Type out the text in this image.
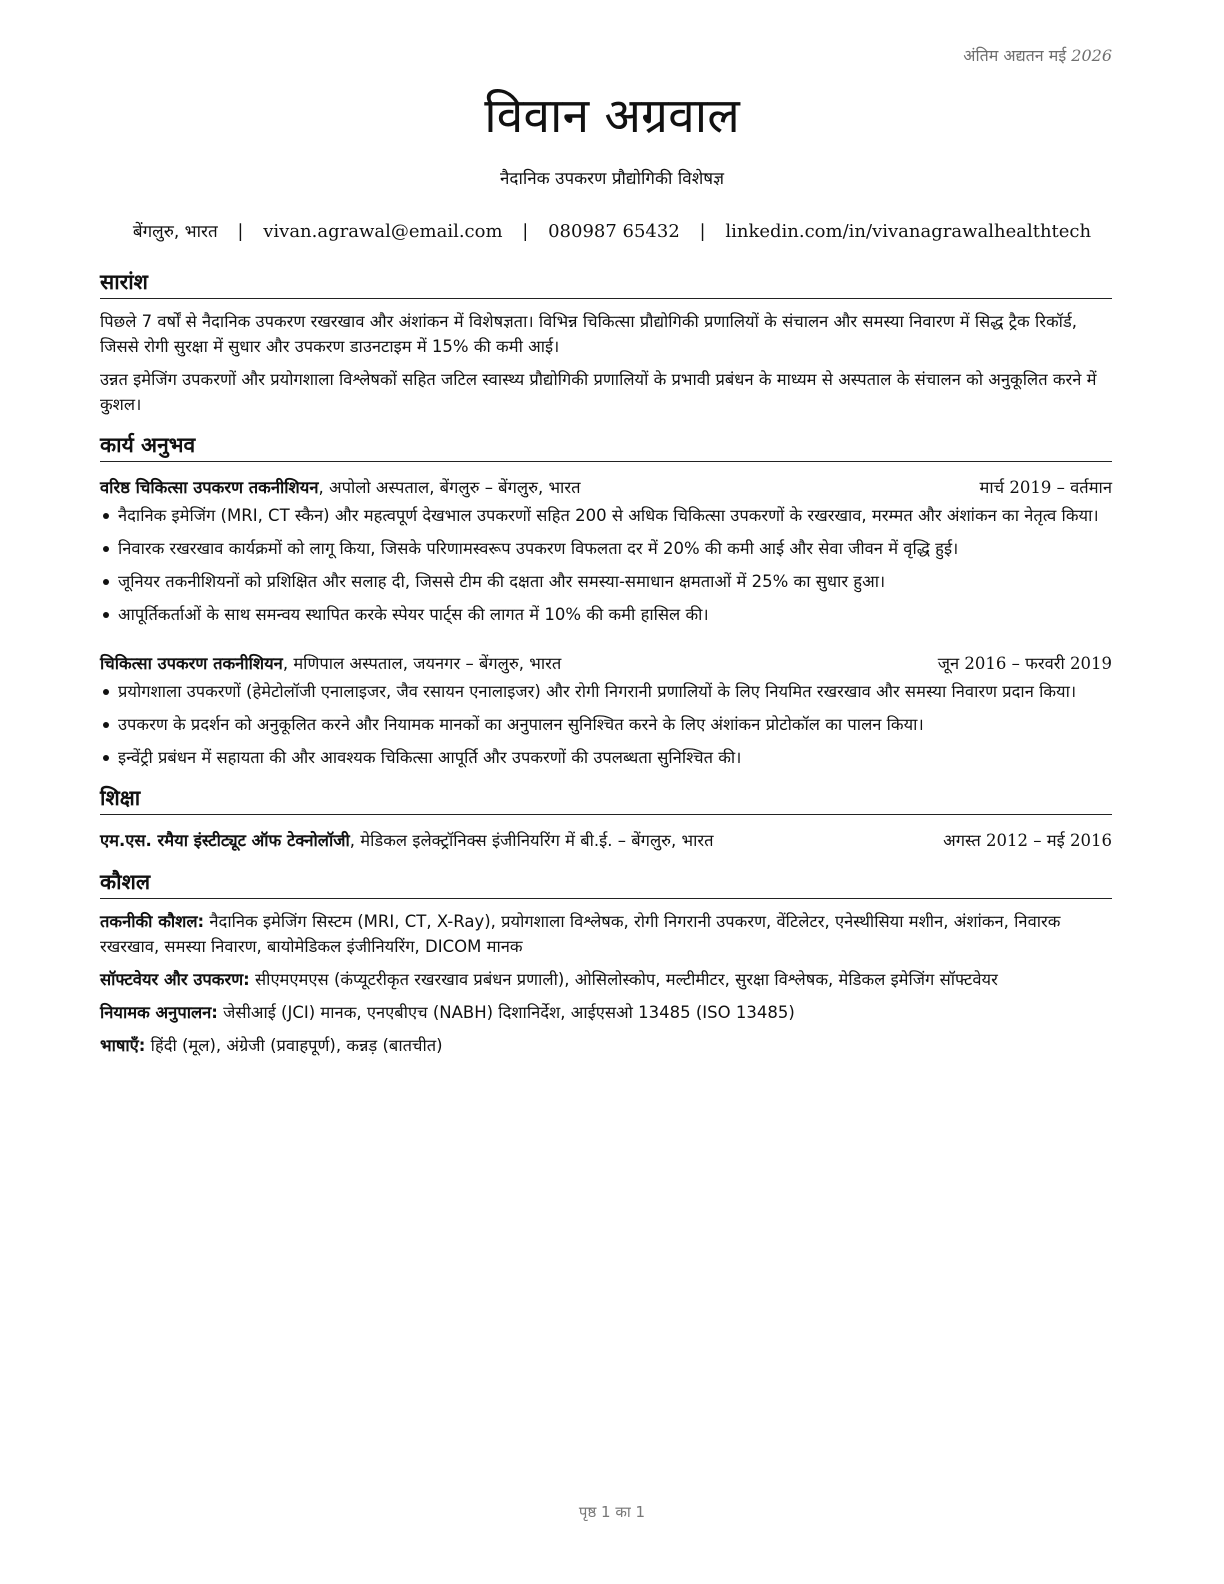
अंतिम अद्यतन मई 2026
विवान अग्रवाल
नैदानिक उपकरण प्रौद्योगिकी विशेषज्ञ
बेंगलुरु, भारत | vivan.agrawal@email.com | 080987 65432 | linkedin.com/in/vivanagrawalhealthtech
सारांश

पिछले 7 वर्षों से नैदानिक उपकरण रखरखाव और अंशांकन में विशेषज्ञता। विभिन्न चिकित्सा प्रौद्योगिकी प्रणालियों के संचालन और समस्या निवारण में सिद्ध ट्रैक रिकॉर्ड, जिससे रोगी सुरक्षा में सुधार और उपकरण डाउनटाइम में 15% की कमी आई।

उन्नत इमेजिंग उपकरणों और प्रयोगशाला विश्लेषकों सहित जटिल स्वास्थ्य प्रौद्योगिकी प्रणालियों के प्रभावी प्रबंधन के माध्यम से अस्पताल के संचालन को अनुकूलित करने में कुशल।

कार्य अनुभव
वरिष्ठ चिकित्सा उपकरण तकनीशियन, अपोलो अस्पताल, बेंगलुरु – बेंगलुरु, भारत	मार्च 2019 – वर्तमान
नैदानिक इमेजिंग (MRI, CT स्कैन) और महत्वपूर्ण देखभाल उपकरणों सहित 200 से अधिक चिकित्सा उपकरणों के रखरखाव, मरम्मत और अंशांकन का नेतृत्व किया।
निवारक रखरखाव कार्यक्रमों को लागू किया, जिसके परिणामस्वरूप उपकरण विफलता दर में 20% की कमी आई और सेवा जीवन में वृद्धि हुई।
जूनियर तकनीशियनों को प्रशिक्षित और सलाह दी, जिससे टीम की दक्षता और समस्या-समाधान क्षमताओं में 25% का सुधार हुआ।
आपूर्तिकर्ताओं के साथ समन्वय स्थापित करके स्पेयर पार्ट्स की लागत में 10% की कमी हासिल की।
चिकित्सा उपकरण तकनीशियन, मणिपाल अस्पताल, जयनगर – बेंगलुरु, भारत	जून 2016 – फरवरी 2019
प्रयोगशाला उपकरणों (हेमेटोलॉजी एनालाइजर, जैव रसायन एनालाइजर) और रोगी निगरानी प्रणालियों के लिए नियमित रखरखाव और समस्या निवारण प्रदान किया।
उपकरण के प्रदर्शन को अनुकूलित करने और नियामक मानकों का अनुपालन सुनिश्चित करने के लिए अंशांकन प्रोटोकॉल का पालन किया।
इन्वेंट्री प्रबंधन में सहायता की और आवश्यक चिकित्सा आपूर्ति और उपकरणों की उपलब्धता सुनिश्चित की।
शिक्षा
एम.एस. रमैया इंस्टीट्यूट ऑफ टेक्नोलॉजी, मेडिकल इलेक्ट्रॉनिक्स इंजीनियरिंग में बी.ई. – बेंगलुरु, भारत	अगस्त 2012 – मई 2016
कौशल

तकनीकी कौशल: नैदानिक इमेजिंग सिस्टम (MRI, CT, X-Ray), प्रयोगशाला विश्लेषक, रोगी निगरानी उपकरण, वेंटिलेटर, एनेस्थीसिया मशीन, अंशांकन, निवारक रखरखाव, समस्या निवारण, बायोमेडिकल इंजीनियरिंग, DICOM मानक

सॉफ्टवेयर और उपकरण: सीएमएमएस (कंप्यूटरीकृत रखरखाव प्रबंधन प्रणाली), ओसिलोस्कोप, मल्टीमीटर, सुरक्षा विश्लेषक, मेडिकल इमेजिंग सॉफ्टवेयर

नियामक अनुपालन: जेसीआई (JCI) मानक, एनएबीएच (NABH) दिशानिर्देश, आईएसओ 13485 (ISO 13485)

भाषाएँ: हिंदी (मूल), अंग्रेजी (प्रवाहपूर्ण), कन्नड़ (बातचीत)

पृष्ठ 1 का 1
